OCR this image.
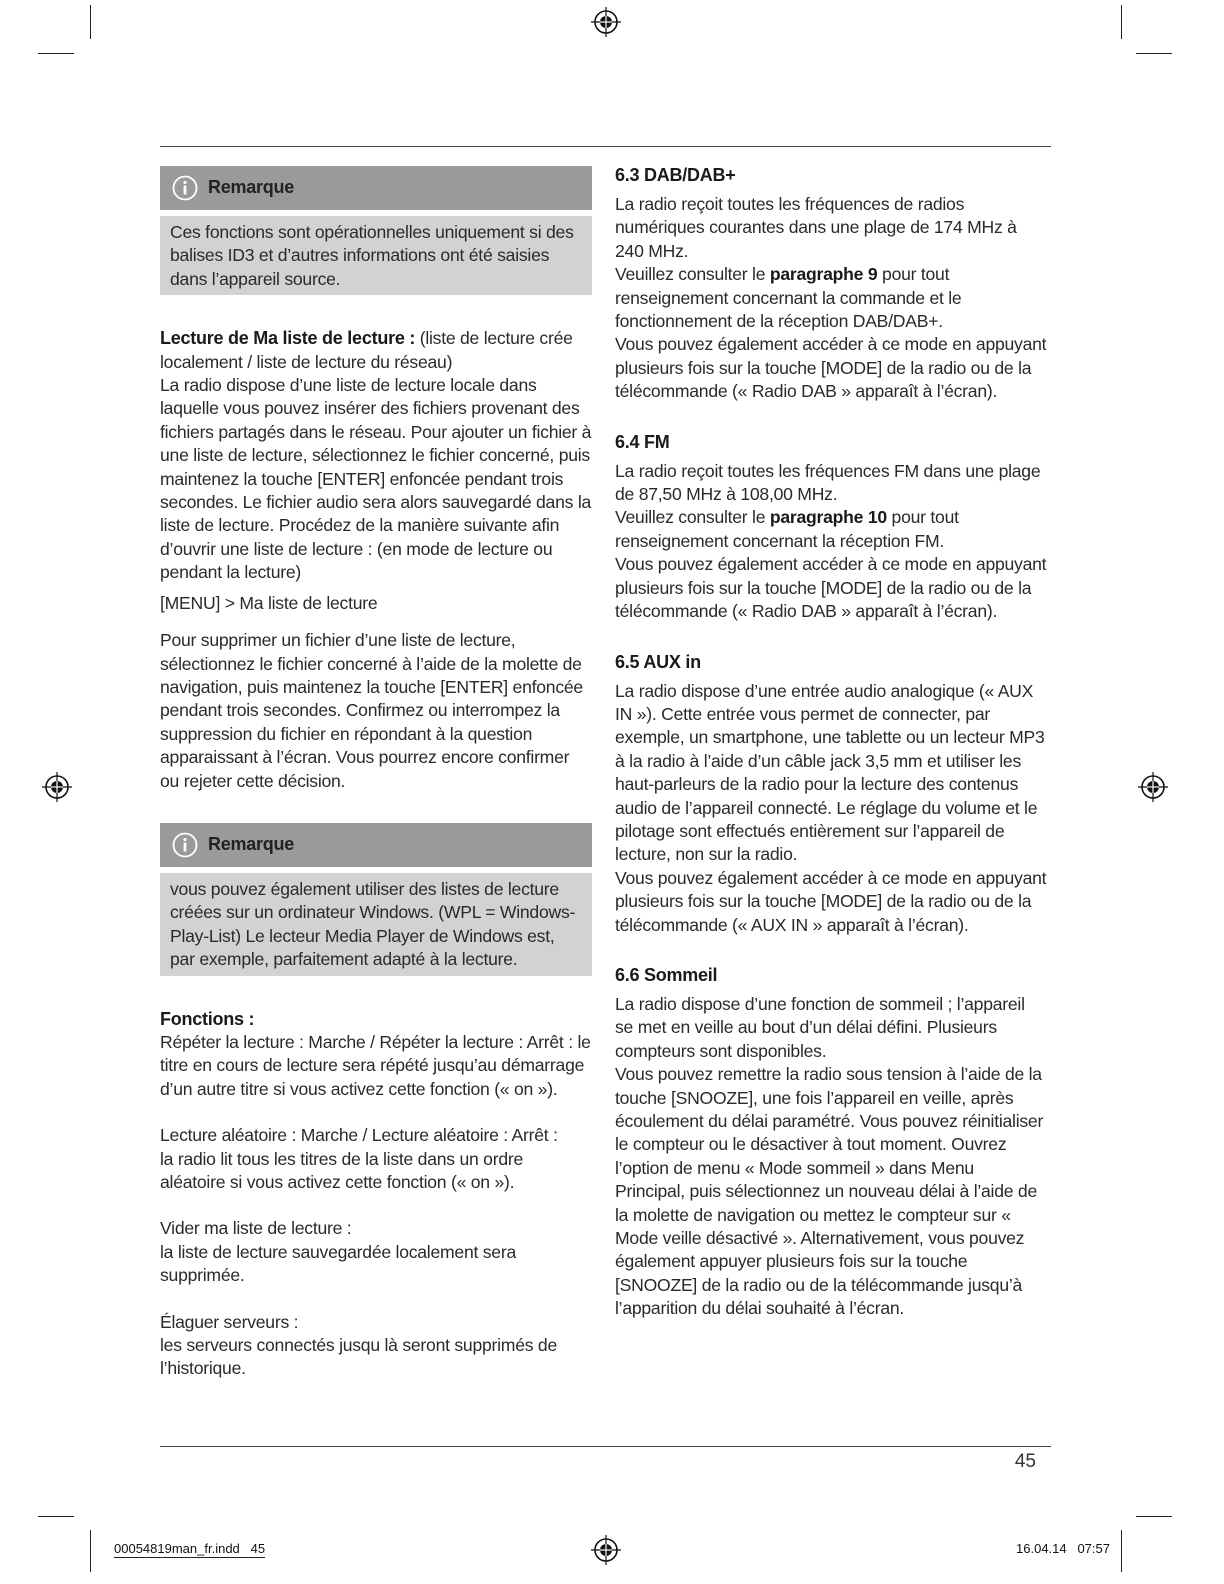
Remarque
Ces fonctions sont opérationnelles uniquement si des balises ID3 et d’autres informations ont été saisies dans l’appareil source.

Lecture de Ma liste de lecture : (liste de lecture crée localement / liste de lecture du réseau)

La radio dispose d’une liste de lecture locale dans laquelle vous pouvez insérer des fichiers provenant des fichiers partagés dans le réseau. Pour ajouter un fichier à une liste de lecture, sélectionnez le fichier concerné, puis maintenez la touche [ENTER] enfoncée pendant trois secondes. Le fichier audio sera alors sauvegardé dans la liste de lecture. Procédez de la manière suivante afin d’ouvrir une liste de lecture : (en mode de lecture ou pendant la lecture)

[MENU] > Ma liste de lecture

Pour supprimer un fichier d’une liste de lecture, sélectionnez le fichier concerné à l’aide de la molette de navigation, puis maintenez la touche [ENTER] enfoncée pendant trois secondes. Confirmez ou interrompez la suppression du fichier en répondant à la question apparaissant à l’écran. Vous pourrez encore confirmer ou rejeter cette décision.

Remarque
vous pouvez également utiliser des listes de lecture créées sur un ordinateur Windows. (WPL = Windows-Play-List) Le lecteur Media Player de Windows est, par exemple, parfaitement adapté à la lecture.

Fonctions :

Répéter la lecture : Marche / Répéter la lecture : Arrêt : le titre en cours de lecture sera répété jusqu’au démarrage d’un autre titre si vous activez cette fonction (« on »).

Lecture aléatoire : Marche / Lecture aléatoire : Arrêt :

la radio lit tous les titres de la liste dans un ordre aléatoire si vous activez cette fonction (« on »).

Vider ma liste de lecture :

la liste de lecture sauvegardée localement sera supprimée.

Élaguer serveurs :

les serveurs connectés jusqu là seront supprimés de l’historique.

6.3 DAB/DAB+

La radio reçoit toutes les fréquences de radios numériques courantes dans une plage de 174 MHz à 240 MHz.

Veuillez consulter le paragraphe 9 pour tout renseignement concernant la commande et le fonctionnement de la réception DAB/DAB+.

Vous pouvez également accéder à ce mode en appuyant plusieurs fois sur la touche [MODE] de la radio ou de la télécommande (« Radio DAB » apparaît à l’écran).

6.4 FM

La radio reçoit toutes les fréquences FM dans une plage de 87,50 MHz à 108,00 MHz.

Veuillez consulter le paragraphe 10 pour tout renseignement concernant la réception FM.

Vous pouvez également accéder à ce mode en appuyant plusieurs fois sur la touche [MODE] de la radio ou de la télécommande (« Radio DAB » apparaît à l’écran).

6.5 AUX in

La radio dispose d’une entrée audio analogique (« AUX IN »). Cette entrée vous permet de connecter, par exemple, un smartphone, une tablette ou un lecteur MP3 à la radio à l’aide d’un câble jack 3,5 mm et utiliser les haut-parleurs de la radio pour la lecture des contenus audio de l’appareil connecté. Le réglage du volume et le pilotage sont effectués entièrement sur l’appareil de lecture, non sur la radio.

Vous pouvez également accéder à ce mode en appuyant plusieurs fois sur la touche [MODE] de la radio ou de la télécommande (« AUX IN » apparaît à l’écran).

6.6 Sommeil

La radio dispose d’une fonction de sommeil ; l’appareil se met en veille au bout d’un délai défini. Plusieurs compteurs sont disponibles.

Vous pouvez remettre la radio sous tension à l’aide de la touche [SNOOZE], une fois l’appareil en veille, après écoulement du délai paramétré. Vous pouvez réinitialiser le compteur ou le désactiver à tout moment. Ouvrez l’option de menu « Mode sommeil » dans Menu Principal, puis sélectionnez un nouveau délai à l’aide de la molette de navigation ou mettez le compteur sur « Mode veille désactivé ». Alternativement, vous pouvez également appuyer plusieurs fois sur la touche [SNOOZE] de la radio ou de la télécommande jusqu’à l’apparition du délai souhaité à l’écran.

45
00054819man_fr.indd   45	16.04.14   07:57
